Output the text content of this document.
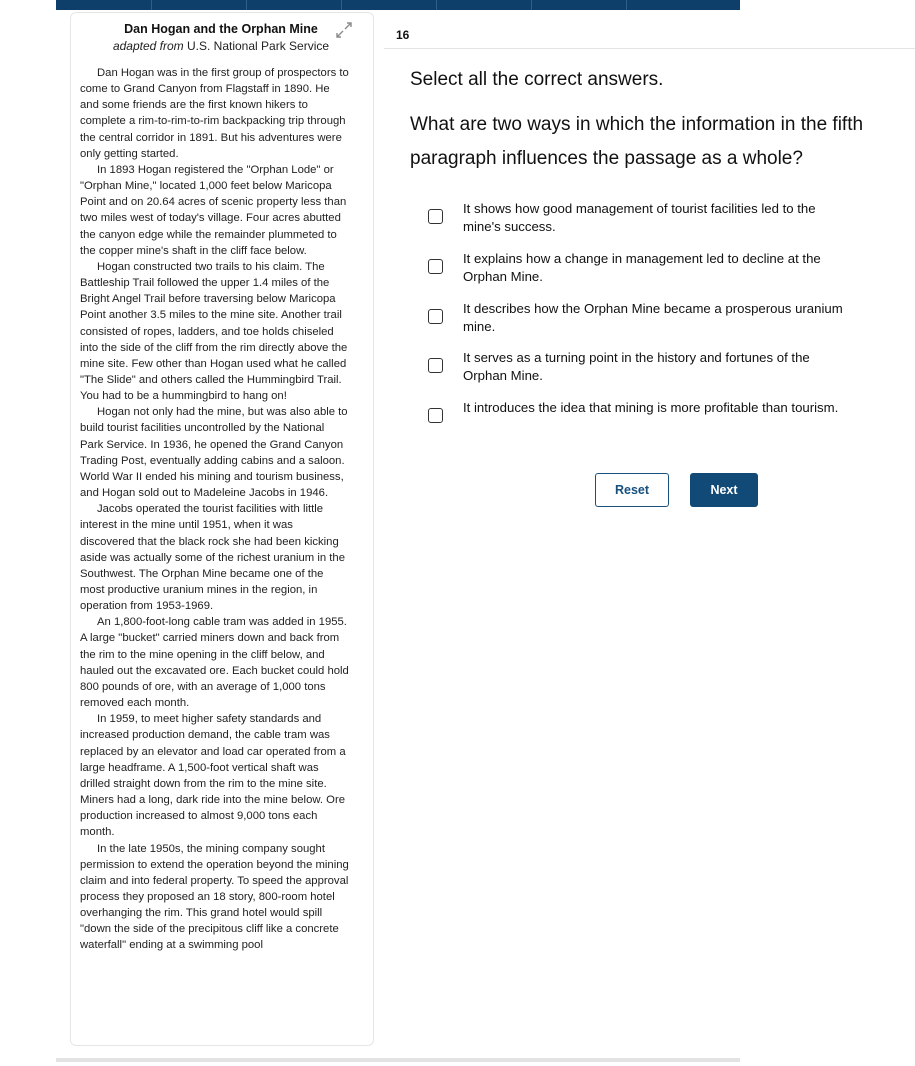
Dan Hogan and the Orphan Mine
adapted from U.S. National Park Service

Dan Hogan was in the first group of prospectors to come to Grand Canyon from Flagstaff in 1890. He and some friends are the first known hikers to complete a rim-to-rim-to-rim backpacking trip through the central corridor in 1891. But his adventures were only getting started.

In 1893 Hogan registered the "Orphan Lode" or "Orphan Mine," located 1,000 feet below Maricopa Point and on 20.64 acres of scenic property less than two miles west of today's village. Four acres abutted the canyon edge while the remainder plummeted to the copper mine's shaft in the cliff face below.

Hogan constructed two trails to his claim. The Battleship Trail followed the upper 1.4 miles of the Bright Angel Trail before traversing below Maricopa Point another 3.5 miles to the mine site. Another trail consisted of ropes, ladders, and toe holds chiseled into the side of the cliff from the rim directly above the mine site. Few other than Hogan used what he called "The Slide" and others called the Hummingbird Trail. You had to be a hummingbird to hang on!

Hogan not only had the mine, but was also able to build tourist facilities uncontrolled by the National Park Service. In 1936, he opened the Grand Canyon Trading Post, eventually adding cabins and a saloon. World War II ended his mining and tourism business, and Hogan sold out to Madeleine Jacobs in 1946.

Jacobs operated the tourist facilities with little interest in the mine until 1951, when it was discovered that the black rock she had been kicking aside was actually some of the richest uranium in the Southwest. The Orphan Mine became one of the most productive uranium mines in the region, in operation from 1953-1969.

An 1,800-foot-long cable tram was added in 1955. A large "bucket" carried miners down and back from the rim to the mine opening in the cliff below, and hauled out the excavated ore. Each bucket could hold 800 pounds of ore, with an average of 1,000 tons removed each month.

In 1959, to meet higher safety standards and increased production demand, the cable tram was replaced by an elevator and load car operated from a large headframe. A 1,500-foot vertical shaft was drilled straight down from the rim to the mine site. Miners had a long, dark ride into the mine below. Ore production increased to almost 9,000 tons each month.

In the late 1950s, the mining company sought permission to extend the operation beyond the mining claim and into federal property. To speed the approval process they proposed an 18 story, 800-room hotel overhanging the rim. This grand hotel would spill "down the side of the precipitous cliff like a concrete waterfall" ending at a swimming pool

16
Select all the correct answers.
What are two ways in which the information in the fifth paragraph influences the passage as a whole?
It shows how good management of tourist facilities led to the mine's success.
It explains how a change in management led to decline at the Orphan Mine.
It describes how the Orphan Mine became a prosperous uranium mine.
It serves as a turning point in the history and fortunes of the Orphan Mine.
It introduces the idea that mining is more profitable than tourism.
Reset	Next
